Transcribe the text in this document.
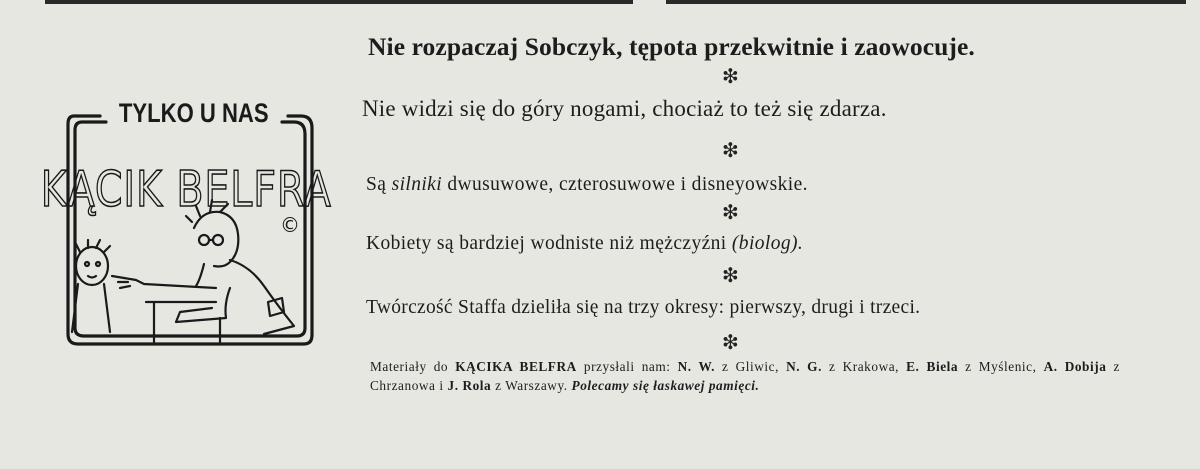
TYLKO U NAS
KĄCIK BELFRA
©
Nie rozpaczaj Sobczyk, tępota przekwitnie i zaowocuje.
❇
Nie widzi się do góry nogami, chociaż to też się zdarza.
❇
Są silniki dwusuwowe, czterosuwowe i disneyowskie.
❇
Kobiety są bardziej wodniste niż mężczyźni (biolog).
❇
Twórczość Staffa dzieliła się na trzy okresy: pierwszy, drugi i trzeci.
❇
Materiały do KĄCIKA BELFRA przysłali nam: N. W. z Gliwic, N. G. z Krakowa, E. Biela z Myślenic, A. Dobija z Chrzanowa i J. Rola z Warszawy. Polecamy się łaskawej pamięci.
